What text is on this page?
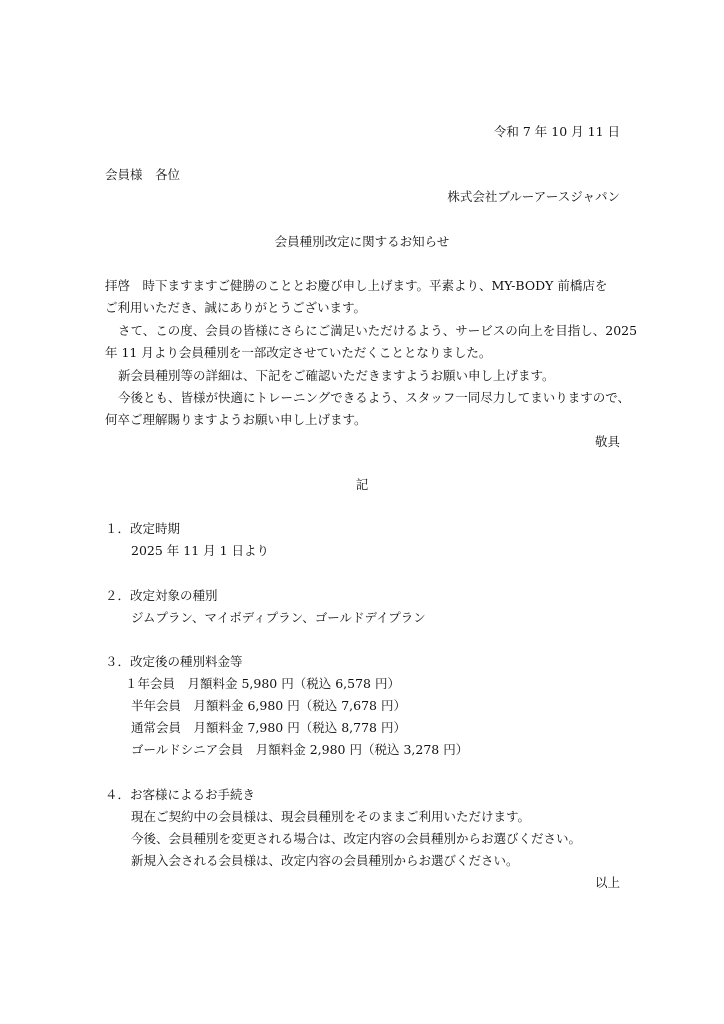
令和 7 年 10 月 11 日
会員様　各位
株式会社ブルーアースジャパン
会員種別改定に関するお知らせ
拝啓　時下ますますご健勝のこととお慶び申し上げます。平素より、MY-BODY 前橋店を
ご利用いただき、誠にありがとうございます。
さて、この度、会員の皆様にさらにご満足いただけるよう、サービスの向上を目指し、2025
年 11 月より会員種別を一部改定させていただくこととなりました。
新会員種別等の詳細は、下記をご確認いただきますようお願い申し上げます。
今後とも、皆様が快適にトレーニングできるよう、スタッフ一同尽力してまいりますので、
何卒ご理解賜りますようお願い申し上げます。
敬具
記
１．改定時期
2025 年 11 月 1 日より
２．改定対象の種別
ジムプラン、マイボディプラン、ゴールドデイプラン
３．改定後の種別料金等
１年会員　月額料金 5,980 円（税込 6,578 円）
半年会員　月額料金 6,980 円（税込 7,678 円）
通常会員　月額料金 7,980 円（税込 8,778 円）
ゴールドシニア会員　月額料金 2,980 円（税込 3,278 円）
４．お客様によるお手続き
現在ご契約中の会員様は、現会員種別をそのままご利用いただけます。
今後、会員種別を変更される場合は、改定内容の会員種別からお選びください。
新規入会される会員様は、改定内容の会員種別からお選びください。
以上
